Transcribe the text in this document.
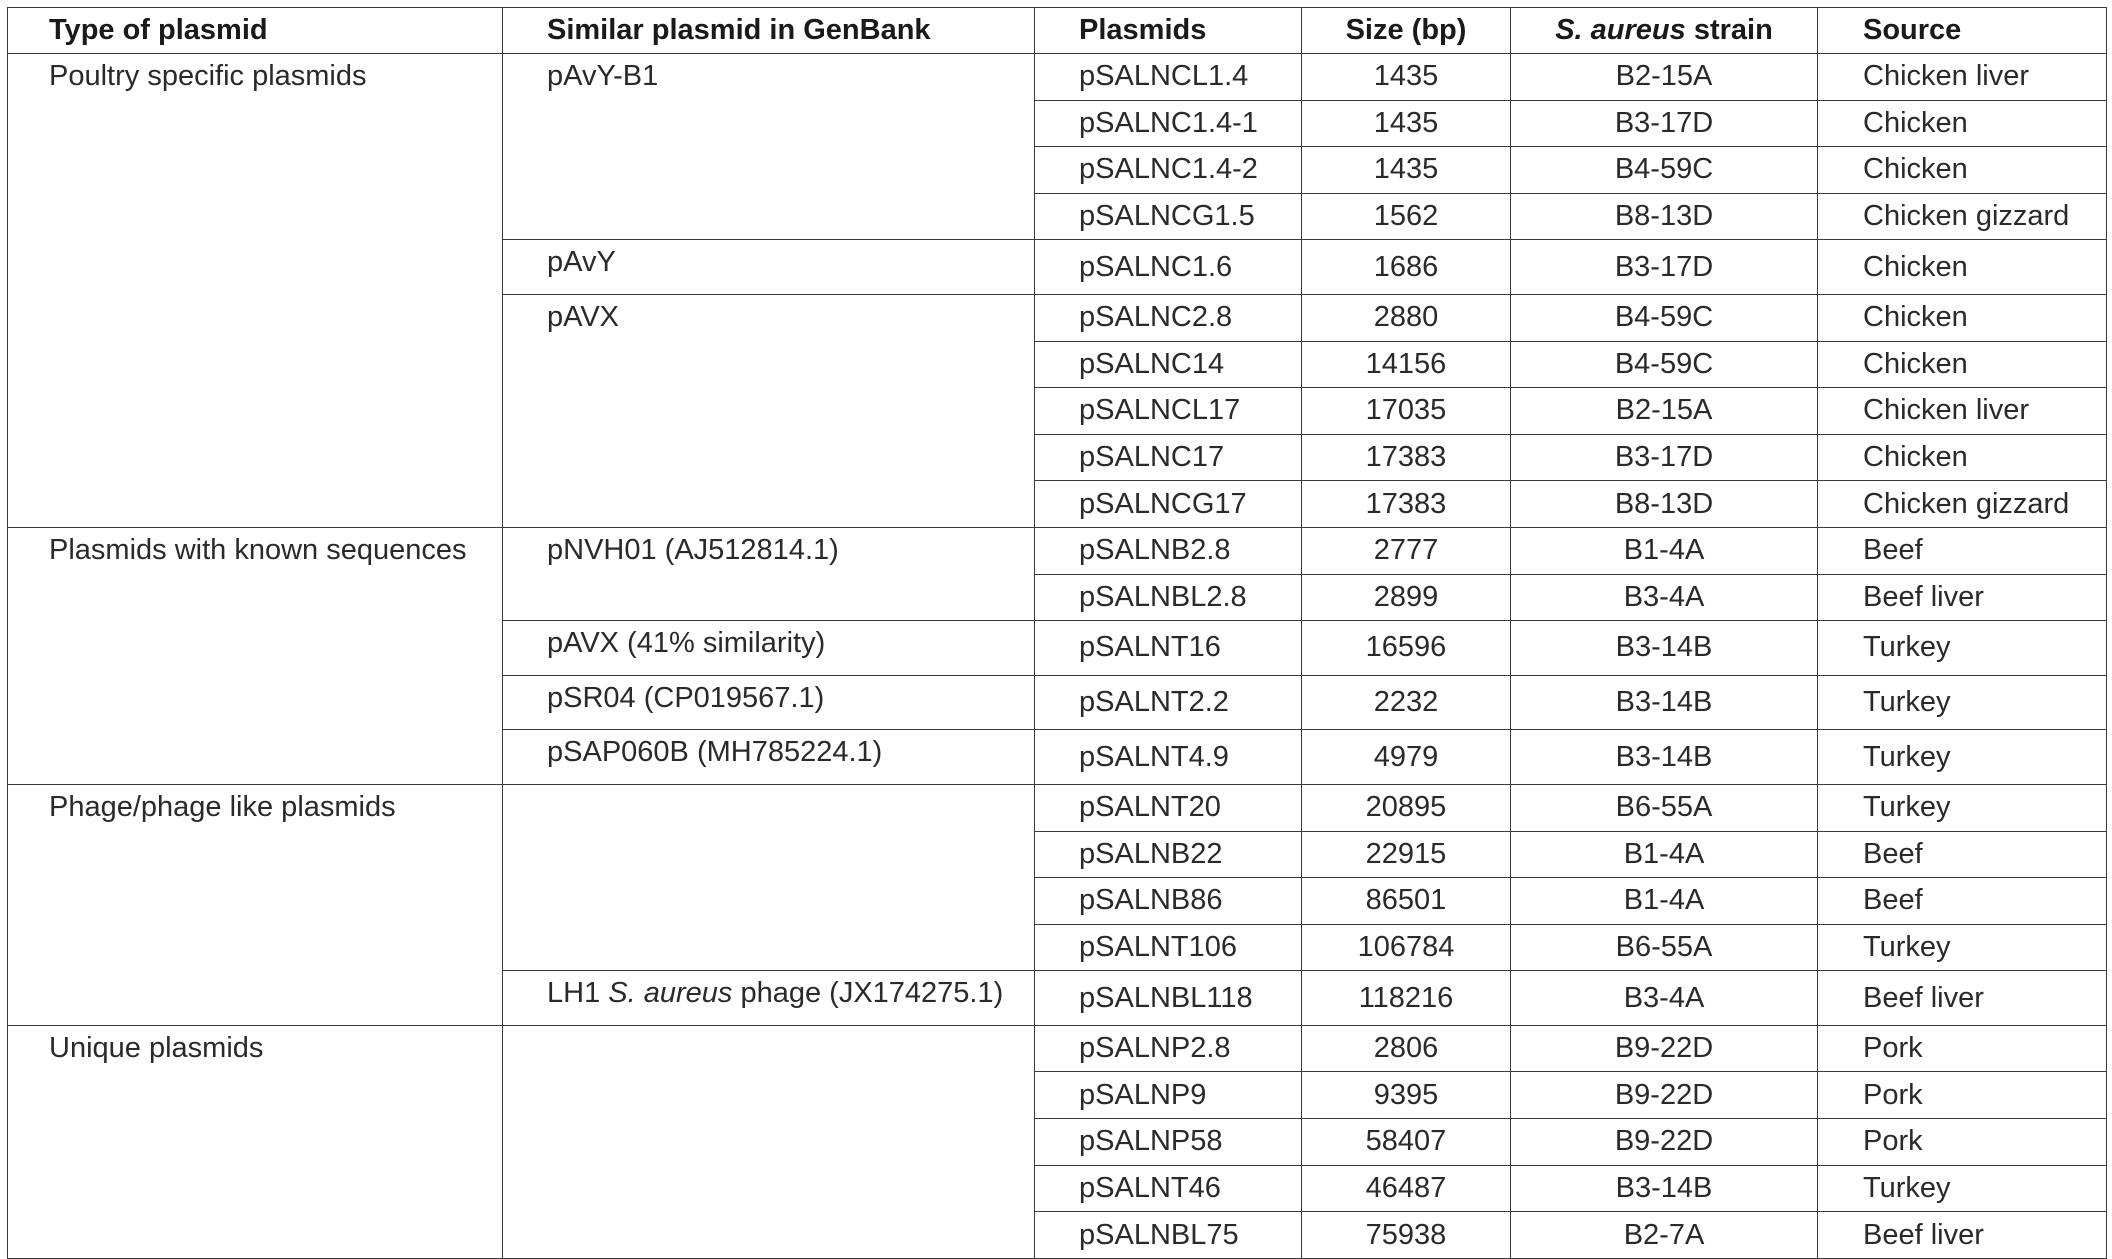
Type of plasmid	Similar plasmid in GenBank	Plasmids	Size (bp)	S. aureus strain	Source
Poultry specific plasmids	pAvY-B1	pSALNCL1.4	1435	B2-15A	Chicken liver
		pSALNC1.4-1	1435	B3-17D	Chicken
		pSALNC1.4-2	1435	B4-59C	Chicken
		pSALNCG1.5	1562	B8-13D	Chicken gizzard
	pAvY	pSALNC1.6	1686	B3-17D	Chicken
	pAVX	pSALNC2.8	2880	B4-59C	Chicken
		pSALNC14	14156	B4-59C	Chicken
		pSALNCL17	17035	B2-15A	Chicken liver
		pSALNC17	17383	B3-17D	Chicken
		pSALNCG17	17383	B8-13D	Chicken gizzard
Plasmids with known sequences	pNVH01 (AJ512814.1)	pSALNB2.8	2777	B1-4A	Beef
		pSALNBL2.8	2899	B3-4A	Beef liver
	pAVX (41% similarity)	pSALNT16	16596	B3-14B	Turkey
	pSR04 (CP019567.1)	pSALNT2.2	2232	B3-14B	Turkey
	pSAP060B (MH785224.1)	pSALNT4.9	4979	B3-14B	Turkey
Phage/phage like plasmids		pSALNT20	20895	B6-55A	Turkey
		pSALNB22	22915	B1-4A	Beef
		pSALNB86	86501	B1-4A	Beef
		pSALNT106	106784	B6-55A	Turkey
	LH1 S. aureus phage (JX174275.1)	pSALNBL118	118216	B3-4A	Beef liver
Unique plasmids		pSALNP2.8	2806	B9-22D	Pork
		pSALNP9	9395	B9-22D	Pork
		pSALNP58	58407	B9-22D	Pork
		pSALNT46	46487	B3-14B	Turkey
		pSALNBL75	75938	B2-7A	Beef liver
